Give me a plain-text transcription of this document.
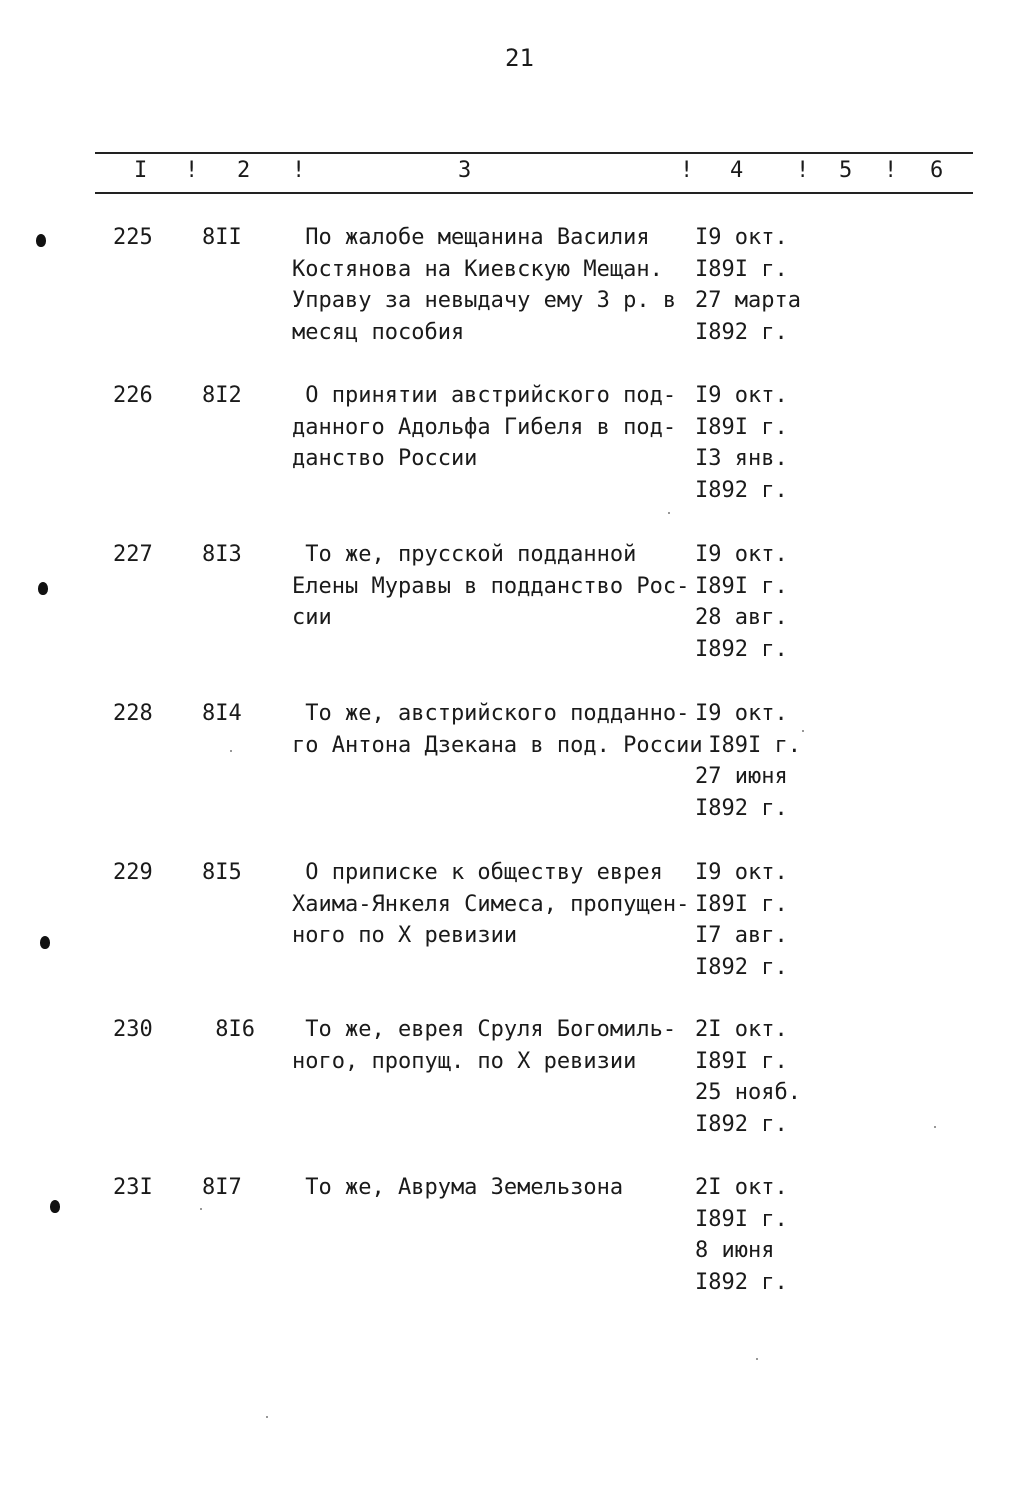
21
I ! 2 !	3	! 4 ! 5 ! 6
225 8II	По жалобе мещанина Василия
Костянова на Киевскую Мещан.
Управу за невыдачу ему 3 р. в
месяц пособия
I9 окт.
I89I г.
27 марта
I892 г.
226 8I2	О принятии австрийского под-
данного Адольфа Гибеля в под-
данство России
I9 окт.
I89I г.
I3 янв.
I892 г.
227 8I3	То же, прусской подданной
Елены Муравы в подданство Рос-
сии
I9 окт.
I89I г.
28 авг.
I892 г.
228 8I4	То же, австрийского подданно-
го Антона Дзекана в под. России
I9 окт.
I89I г.
27 июня
I892 г.
229 8I5	О приписке к обществу еврея
Хаима-Янкеля Симеса, пропущен-
ного по Х ревизии
I9 окт.
I89I г.
I7 авг.
I892 г.
230 8I6	То же, еврея Сруля Богомиль-
ного, пропущ. по Х ревизии
2I окт.
I89I г.
25 нояб.
I892 г.
23I 8I7 То же, Аврума Земельзона	2I окт.
I89I г.
8 июня
I892 г.
